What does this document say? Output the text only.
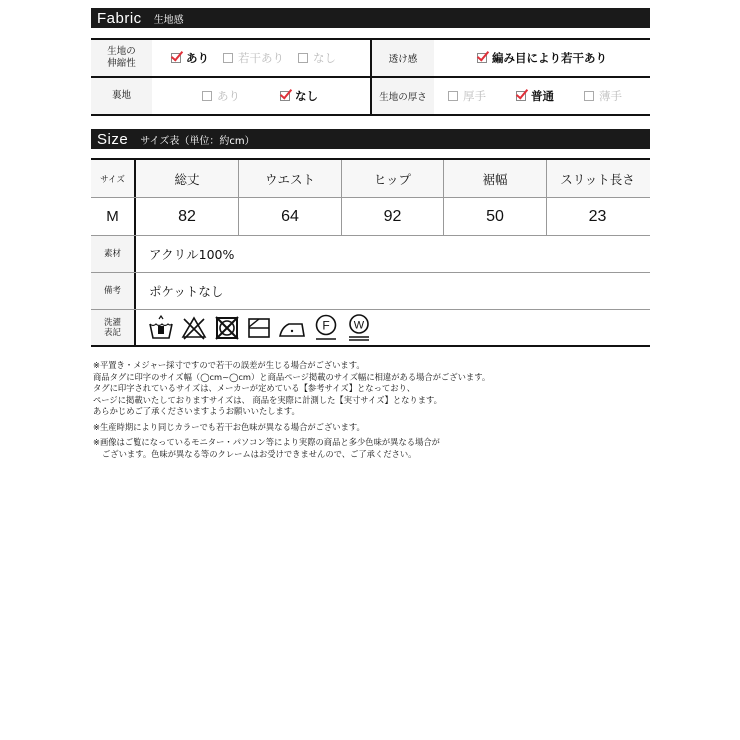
Fabric 生地感
生地の
伸縮性	あり	若干あり	なし	透け感	編み目により若干あり
裏地	あり	なし	生地の厚さ	厚手	普通	薄手
Size サイズ表（単位：約cm）
サイズ	総丈	ウエスト	ヒップ	裾幅	スリット長さ
M	82	64	92	50	23
素材	アクリル100%
備考	ポケットなし
洗濯
表記
F W

※平置き・メジャー採寸ですので若干の誤差が生じる場合がございます。

商品タグに印字のサイズ幅（◯cm~◯cm）と商品ページ掲載のサイズ幅に相違がある場合がございます。

タグに印字されているサイズは、メーカーが定めている【参考サイズ】となっており、

ページに掲載いたしておりますサイズは、 商品を実際に計測した【実寸サイズ】となります。

あらかじめご了承くださいますようお願いいたします。

※生産時期により同じカラーでも若干お色味が異なる場合がございます。

※画像はご覧になっているモニター・パソコン等により実際の商品と多少色味が異なる場合が

ございます。色味が異なる等のクレームはお受けできませんので、ご了承ください。
